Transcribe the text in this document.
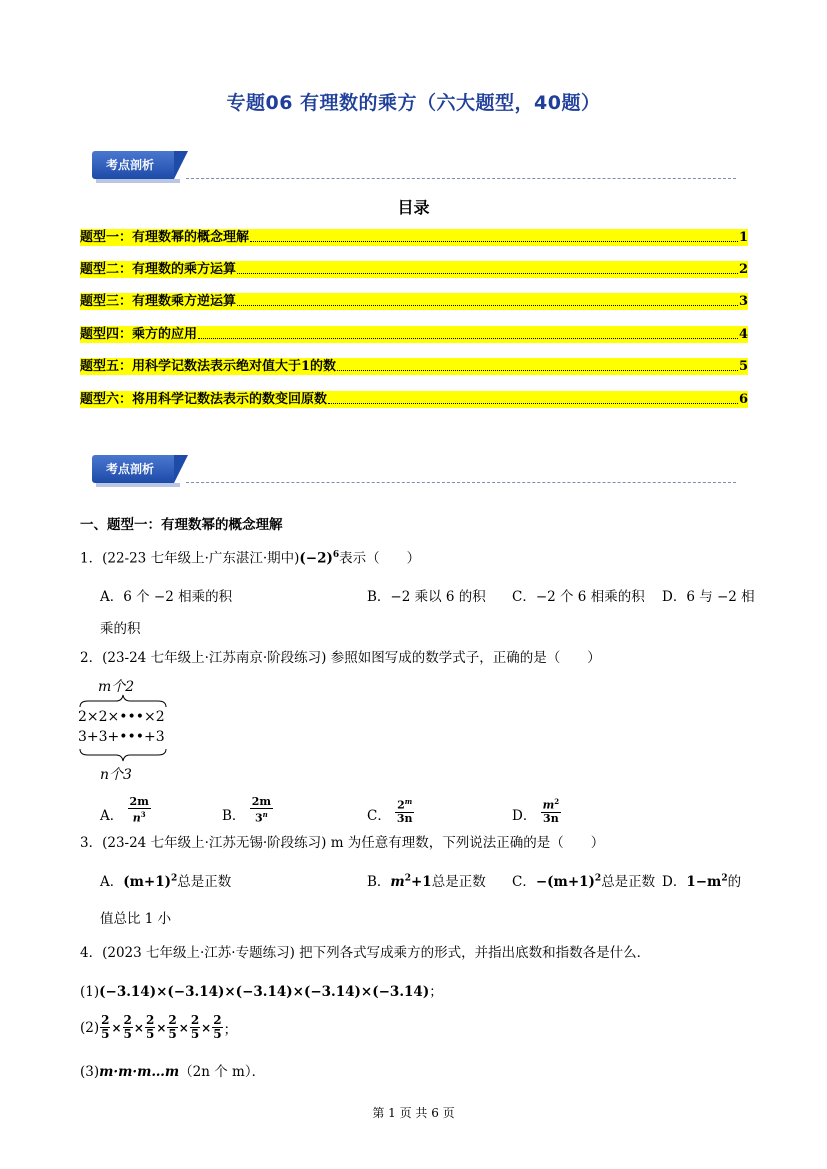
专题06 有理数的乘方（六大题型，40题）
考点剖析
目录
题型一：有理数幂的概念理解	1
题型二：有理数的乘方运算	2
题型三：有理数乘方逆运算	3
题型四：乘方的应用	4
题型五：用科学记数法表示绝对值大于1的数	5
题型六：将用科学记数法表示的数变回原数	6
考点剖析
一、题型一：有理数幂的概念理解
1．(22-23 七年级上·广东湛江·期中)$(-2)^6$表示（　　）
A．6 个 −2 相乘的积	B．−2 乘以 6 的积 C．−2 个 6 相乘的积 D．6 与 −2 相
乘的积
2．(23-24 七年级上·江苏南京·阶段练习) 参照如图写成的数学式子，正确的是（　　）
m个2
2×2×•••×2
3+3+•••+3
n个3
A． $\frac{2m}{n^3}$	B． $\frac{2m}{3^n}$	C． $\frac{2^m}{3n}$	D． $\frac{m^2}{3n}$
3．(23-24 七年级上·江苏无锡·阶段练习) m 为任意有理数，下列说法正确的是（　　）
A．$(m+1)^2$总是正数	B．$m^2+1$总是正数 C．$-(m+1)^2$总是正数 D．$1-m^2$的
值总比 1 小
4．(2023 七年级上·江苏·专题练习) 把下列各式写成乘方的形式，并指出底数和指数各是什么．
(1)(−3.14)×(−3.14)×(−3.14)×(−3.14)×(−3.14)；
$(2) \frac{2}{5} \times \frac{2}{5} \times \frac{2}{5} \times \frac{2}{5} \times \frac{2}{5} \times \frac{2}{5}$ ；
(3)m·m·m…m（2n 个 m）．
第 1 页 共 6 页
